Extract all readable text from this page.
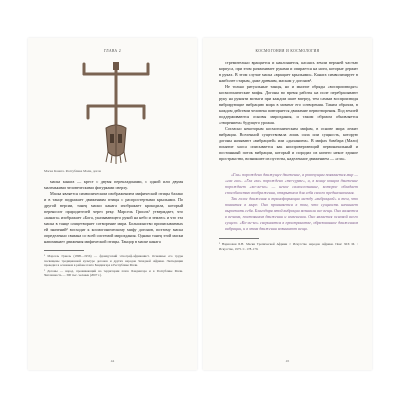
ГЛАВА 2
Маска Канага. Республика Мали, догон

маска канага — крест с двумя перекладинами, с одной или двумя маленькими человеческими фигурками сверху.

Маска является символическим изображением мифической птицы балако и в танце подражает движениям птицы с распростертыми крыльями. По другой версии, танец маски канага изображает крокодила, который переносит прародителей через реку. Марсель Гриоль¹ утверждает, что «канага» изображает «Бога, указывающего рукой на небо и землю» и что эта маска в танце олицетворяет сотворение мира. Большинство приписываемых ей значений² восходят к космогоническому мифу догонов, поэтому маска определенно связана со всей системой мироздания. Однако танец этой маски напоминает движения мифической птицы. Танцор в маске канага

¹ Марсель Гриоль (1898—1956) — французский этнограф-африканист. Основные его труды посвящены традиционной культуре догонов и других народов Западной Африки. Экспедиции проводил в основном в районе плато Бандиагара в Республике Мали.

² Догоны — народ, проживающий на территории плато Бандиагара и в Республике Мали. Численность — 300 тыс. человек (2007 г.).

44
КОСМОГОНИЯ И КОСМОЛОГИЯ

стремительно вращается и наклоняется, касаясь земли верхней частью корпуса, при этом размахивает руками и опирается на ноги, которые держит в руках. В этом случае маска «вращает крыльями». Канага символизирует в наиболее старым, даже древним, маскам у догонов³.

Не только ритуальные танцы, но и многие обряды «воспроизводят» космогонические мифы. Догоны во время работы на поле перебрасывают руку на рукояти мотыги при каждом шаге вперед, тем самым воспроизводя вибрирующие вибрацию мира в момент его сотворения. Таким образом, в каждом действии человека повторяется движение первотворения. Под землей поддерживаются основы мироздания, и таким образом обновляется «творением» будущего урожая.

Согласно некоторым космогоническим мифам, в основе мира лежит вибрация. Вселенной существовала лишь сила или сущность, которую догоны называют «вибрацией» или «дыханием». В мифах бамбара (Мали) понятие хаоса описывается как ниспровергающий первоначальный и постоянный поток вибрации, который и породил из ничего некое единое пространство, возникшее из пустоты, наделенное движением — «гла».

«Гла» порождено движущее движение, а рокочущим появляется мир — «гла гла». «Гла гла» порождено «то-сурме», и, в конце концов движение порождает «ко-ли-ко» — некое самоссознание, которое обладает способностью воображения, открытием для себя своего предназначения.

Так голос движения и трансформации между «вибрацией» и тем, что появится в мире. Оно проявляется в том, что сущность начинает выражать себя. Благодаря этой вибрации возникли все вещи. Оно является в вечном, постоянном движении и изменении. Оно является основой всего сущего. «Ко-ли-ко» свершается в пространстве, образованное движением вибрации, и в этом движении возникают вещи.

³ Нарисован Б.Н. Маски Тропической Африки // Искусство народов Африки. Пояс XIX М. : Искусство, 1975. С. 178–179.

45
